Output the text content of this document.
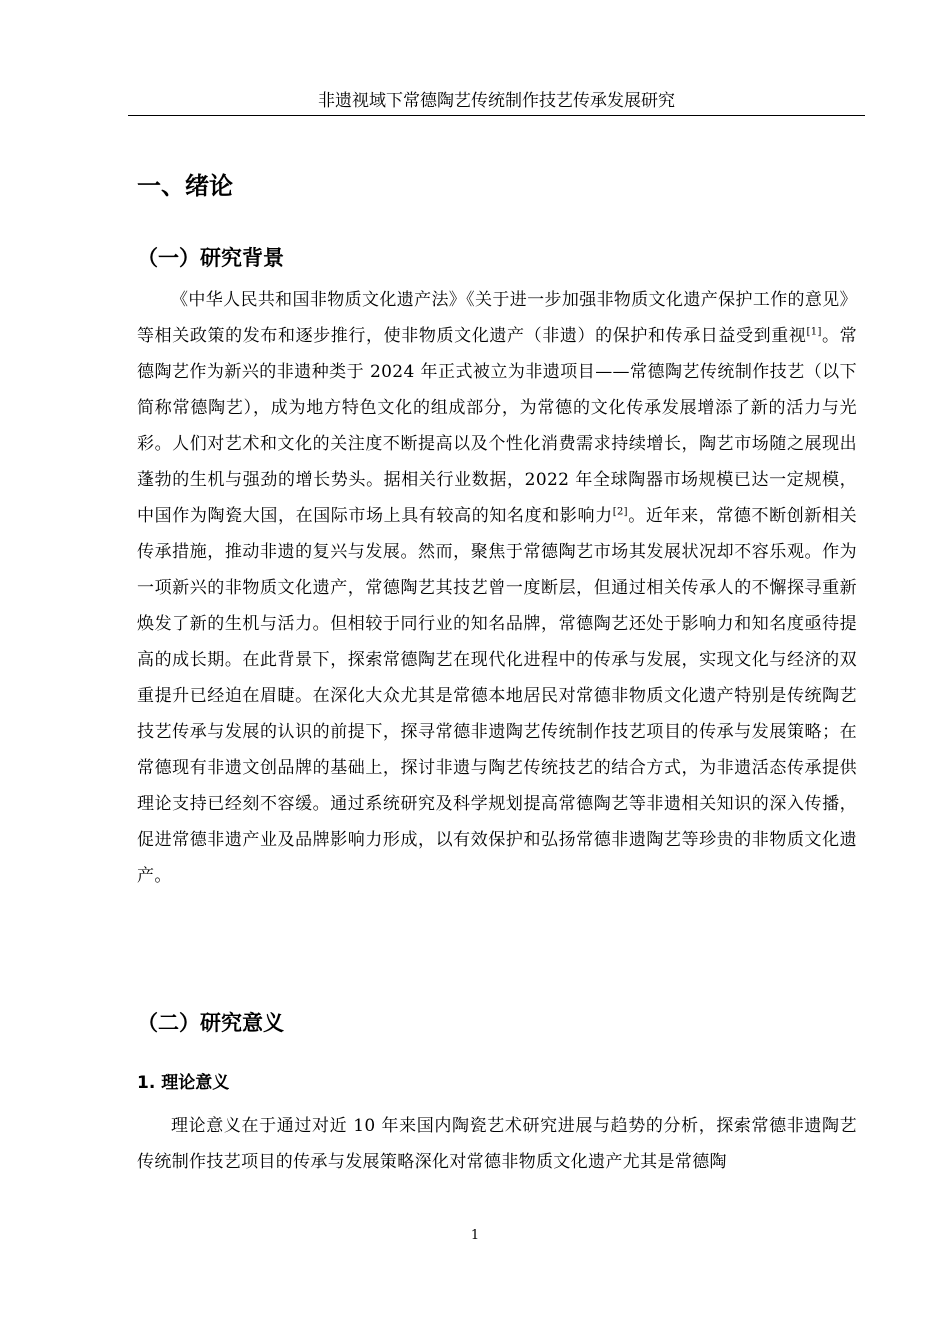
非遗视域下常德陶艺传统制作技艺传承发展研究
一、绪论
（一）研究背景

《中华人民共和国非物质文化遗产法》《关于进一步加强非物质文化遗产保护工作的意见》等相关政策的发布和逐步推行，使非物质文化遗产（非遗）的保护和传承日益受到重视[1]。常德陶艺作为新兴的非遗种类于 2024 年正式被立为非遗项目——常德陶艺传统制作技艺（以下简称常德陶艺），成为地方特色文化的组成部分，为常德的文化传承发展增添了新的活力与光彩。人们对艺术和文化的关注度不断提高以及个性化消费需求持续增长，陶艺市场随之展现出蓬勃的生机与强劲的增长势头。据相关行业数据，2022 年全球陶器市场规模已达一定规模，中国作为陶瓷大国，在国际市场上具有较高的知名度和影响力[2]。近年来，常德不断创新相关传承措施，推动非遗的复兴与发展。然而，聚焦于常德陶艺市场其发展状况却不容乐观。作为一项新兴的非物质文化遗产，常德陶艺其技艺曾一度断层，但通过相关传承人的不懈探寻重新焕发了新的生机与活力。但相较于同行业的知名品牌，常德陶艺还处于影响力和知名度亟待提高的成长期。在此背景下，探索常德陶艺在现代化进程中的传承与发展，实现文化与经济的双重提升已经迫在眉睫。在深化大众尤其是常德本地居民对常德非物质文化遗产特别是传统陶艺技艺传承与发展的认识的前提下，探寻常德非遗陶艺传统制作技艺项目的传承与发展策略；在常德现有非遗文创品牌的基础上，探讨非遗与陶艺传统技艺的结合方式，为非遗活态传承提供理论支持已经刻不容缓。通过系统研究及科学规划提高常德陶艺等非遗相关知识的深入传播，促进常德非遗产业及品牌影响力形成，以有效保护和弘扬常德非遗陶艺等珍贵的非物质文化遗产。

（二）研究意义
1. 理论意义

理论意义在于通过对近 10 年来国内陶瓷艺术研究进展与趋势的分析，探索常德非遗陶艺传统制作技艺项目的传承与发展策略深化对常德非物质文化遗产尤其是常德陶

1
